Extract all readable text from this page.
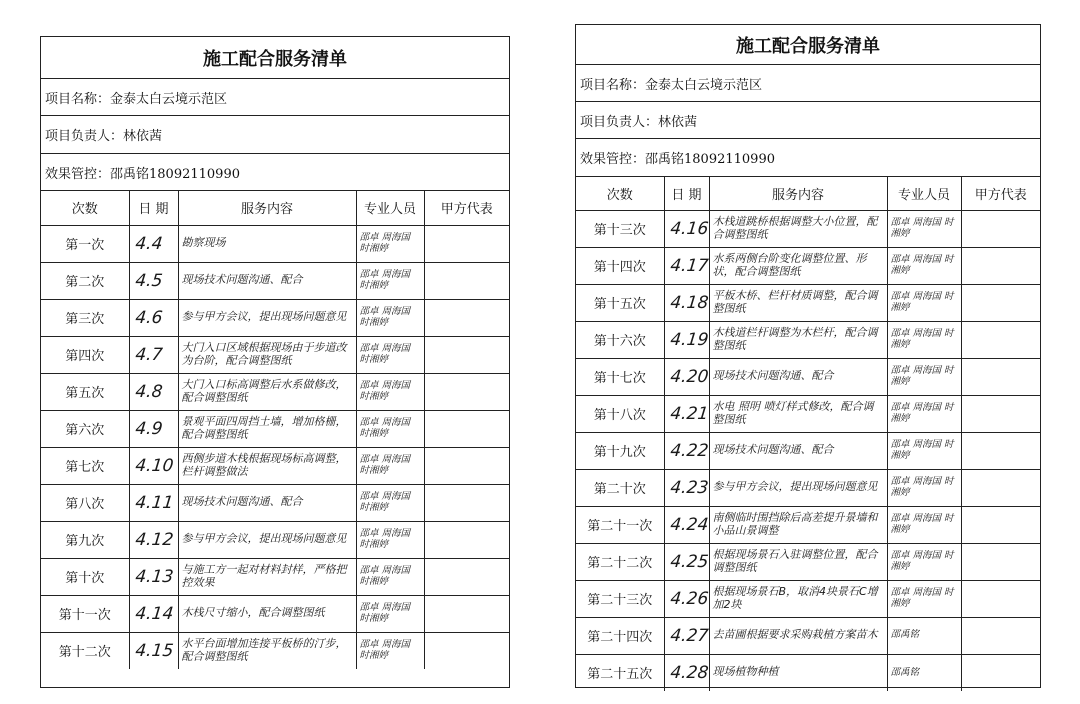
施工配合服务清单
项目名称：金泰太白云境示范区
项目负责人：林依茜
效果管控：邵禹铭18092110990
次数	日 期	服务内容	专业人员	甲方代表
第一次	4.4	勘察现场	邵卓 周海国 时湘婷	
第二次	4.5	现场技术问题沟通、配合	邵卓 周海国 时湘婷	
第三次	4.6	参与甲方会议，提出现场问题意见	邵卓 周海国 时湘婷	
第四次	4.7	大门入口区域根据现场由于步道改为台阶，配合调整图纸	邵卓 周海国 时湘婷	
第五次	4.8	大门入口标高调整后水系做修改，配合调整图纸	邵卓 周海国 时湘婷	
第六次	4.9	景观平面四周挡土墙，增加格栅，配合调整图纸	邵卓 周海国 时湘婷	
第七次	4.10	西侧步道木栈根据现场标高调整，栏杆调整做法	邵卓 周海国 时湘婷	
第八次	4.11	现场技术问题沟通、配合	邵卓 周海国 时湘婷	
第九次	4.12	参与甲方会议，提出现场问题意见	邵卓 周海国 时湘婷	
第十次	4.13	与施工方一起对材料封样，严格把控效果	邵卓 周海国 时湘婷	
第十一次	4.14	木栈尺寸缩小，配合调整图纸	邵卓 周海国 时湘婷	
第十二次	4.15	水平台面增加连接平板桥的汀步，配合调整图纸	邵卓 周海国 时湘婷	
施工配合服务清单
项目名称：金泰太白云境示范区
项目负责人：林依茜
效果管控：邵禹铭18092110990
次数	日 期	服务内容	专业人员	甲方代表
第十三次	4.16	木栈道跳桥根据调整大小位置，配合调整图纸	邵卓 周海国 时湘婷	
第十四次	4.17	水系两侧台阶变化调整位置、形状，配合调整图纸	邵卓 周海国 时湘婷	
第十五次	4.18	平板木桥、栏杆材质调整，配合调整图纸	邵卓 周海国 时湘婷	
第十六次	4.19	木栈道栏杆调整为木栏杆，配合调整图纸	邵卓 周海国 时湘婷	
第十七次	4.20	现场技术问题沟通、配合	邵卓 周海国 时湘婷	
第十八次	4.21	水电 照明 喷灯样式修改，配合调整图纸	邵卓 周海国 时湘婷	
第十九次	4.22	现场技术问题沟通、配合	邵卓 周海国 时湘婷	
第二十次	4.23	参与甲方会议，提出现场问题意见	邵卓 周海国 时湘婷	
第二十一次	4.24	南侧临时围挡除后高差提升景墙和小品山景调整	邵卓 周海国 时湘婷	
第二十二次	4.25	根据现场景石入驻调整位置，配合调整图纸	邵卓 周海国 时湘婷	
第二十三次	4.26	根据现场景石B，取消4块景石C增加2块	邵卓 周海国 时湘婷	
第二十四次	4.27	去苗圃根据要求采购栽植方案苗木	邵禹铭	
第二十五次	4.28	现场植物种植	邵禹铭	
